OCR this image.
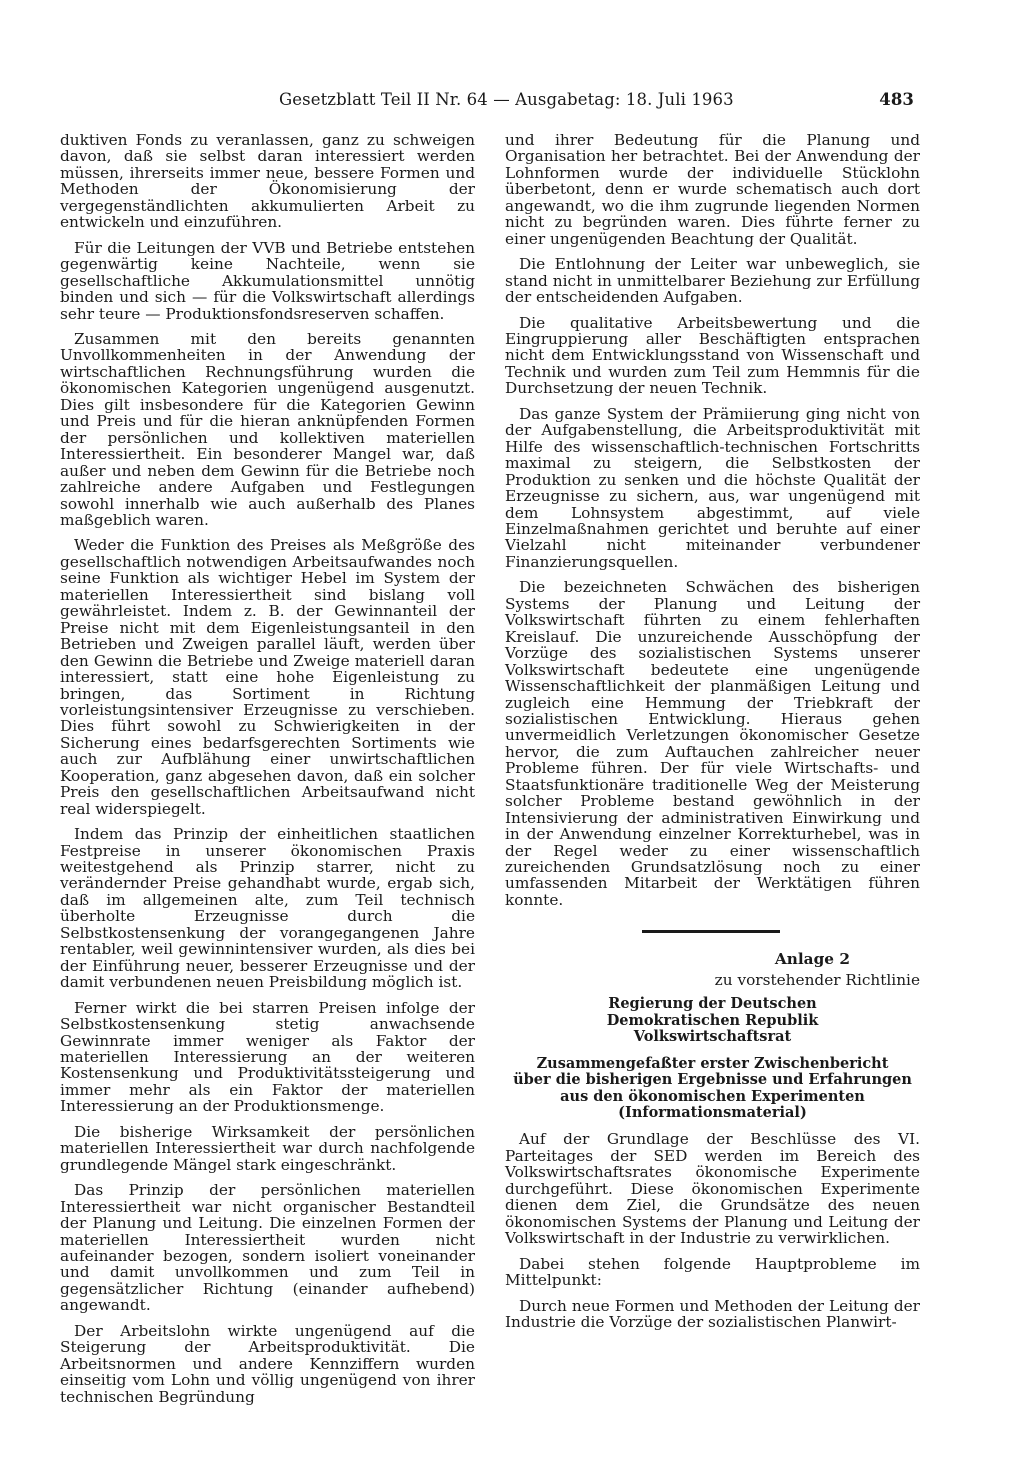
Gesetzblatt Teil II Nr. 64 — Ausgabetag: 18. Juli 1963	483

duktiven Fonds zu veranlassen, ganz zu schweigen davon, daß sie selbst daran interessiert werden müssen, ihrerseits immer neue, bessere Formen und Methoden der Ökonomisierung der vergegenständlichten akkumulierten Arbeit zu entwickeln und einzuführen.

Für die Leitungen der VVB und Betriebe entstehen gegenwärtig keine Nachteile, wenn sie gesellschaftliche Akkumulationsmittel unnötig binden und sich — für die Volkswirtschaft allerdings sehr teure — Produktionsfondsreserven schaffen.

Zusammen mit den bereits genannten Unvollkommenheiten in der Anwendung der wirtschaftlichen Rechnungsführung wurden die ökonomischen Kategorien ungenügend ausgenutzt. Dies gilt insbesondere für die Kategorien Gewinn und Preis und für die hieran anknüpfenden Formen der persönlichen und kollektiven materiellen Interessiertheit. Ein besonderer Mangel war, daß außer und neben dem Gewinn für die Betriebe noch zahlreiche andere Aufgaben und Festlegungen sowohl innerhalb wie auch außerhalb des Planes maßgeblich waren.

Weder die Funktion des Preises als Meßgröße des gesellschaftlich notwendigen Arbeitsaufwandes noch seine Funktion als wichtiger Hebel im System der materiellen Interessiertheit sind bislang voll gewährleistet. Indem z. B. der Gewinnanteil der Preise nicht mit dem Eigenleistungsanteil in den Betrieben und Zweigen parallel läuft, werden über den Gewinn die Betriebe und Zweige materiell daran interessiert, statt eine hohe Eigenleistung zu bringen, das Sortiment in Richtung vorleistungsintensiver Erzeugnisse zu verschieben. Dies führt sowohl zu Schwierigkeiten in der Sicherung eines bedarfsgerechten Sortiments wie auch zur Aufblähung einer unwirtschaftlichen Kooperation, ganz abgesehen davon, daß ein solcher Preis den gesellschaftlichen Arbeitsaufwand nicht real widerspiegelt.

Indem das Prinzip der einheitlichen staatlichen Festpreise in unserer ökonomischen Praxis weitestgehend als Prinzip starrer, nicht zu verändernder Preise gehandhabt wurde, ergab sich, daß im allgemeinen alte, zum Teil technisch überholte Erzeugnisse durch die Selbstkostensenkung der vorangegangenen Jahre rentabler, weil gewinnintensiver wurden, als dies bei der Einführung neuer, besserer Erzeugnisse und der damit verbundenen neuen Preisbildung möglich ist.

Ferner wirkt die bei starren Preisen infolge der Selbstkostensenkung stetig anwachsende Gewinnrate immer weniger als Faktor der materiellen Interessierung an der weiteren Kostensenkung und Produktivitätssteigerung und immer mehr als ein Faktor der materiellen Interessierung an der Produktionsmenge.

Die bisherige Wirksamkeit der persönlichen materiellen Interessiertheit war durch nachfolgende grundlegende Mängel stark eingeschränkt.

Das Prinzip der persönlichen materiellen Interessiertheit war nicht organischer Bestandteil der Planung und Leitung. Die einzelnen Formen der materiellen Interessiertheit wurden nicht aufeinander bezogen, sondern isoliert voneinander und damit unvollkommen und zum Teil in gegensätzlicher Richtung (einander aufhebend) angewandt.

Der Arbeitslohn wirkte ungenügend auf die Steigerung der Arbeitsproduktivität. Die Arbeitsnormen und andere Kennziffern wurden einseitig vom Lohn und völlig ungenügend von ihrer technischen Begründung

und ihrer Bedeutung für die Planung und Organisation her betrachtet. Bei der Anwendung der Lohnformen wurde der individuelle Stücklohn überbetont, denn er wurde schematisch auch dort angewandt, wo die ihm zugrunde liegenden Normen nicht zu begründen waren. Dies führte ferner zu einer ungenügenden Beachtung der Qualität.

Die Entlohnung der Leiter war unbeweglich, sie stand nicht in unmittelbarer Beziehung zur Erfüllung der entscheidenden Aufgaben.

Die qualitative Arbeitsbewertung und die Eingruppierung aller Beschäftigten entsprachen nicht dem Entwicklungsstand von Wissenschaft und Technik und wurden zum Teil zum Hemmnis für die Durchsetzung der neuen Technik.

Das ganze System der Prämiierung ging nicht von der Aufgabenstellung, die Arbeitsproduktivität mit Hilfe des wissenschaftlich-technischen Fortschritts maximal zu steigern, die Selbstkosten der Produktion zu senken und die höchste Qualität der Erzeugnisse zu sichern, aus, war ungenügend mit dem Lohnsystem abgestimmt, auf viele Einzelmaßnahmen gerichtet und beruhte auf einer Vielzahl nicht miteinander verbundener Finanzierungsquellen.

Die bezeichneten Schwächen des bisherigen Systems der Planung und Leitung der Volkswirtschaft führten zu einem fehlerhaften Kreislauf. Die unzureichende Ausschöpfung der Vorzüge des sozialistischen Systems unserer Volkswirtschaft bedeutete eine ungenügende Wissenschaftlichkeit der planmäßigen Leitung und zugleich eine Hemmung der Triebkraft der sozialistischen Entwicklung. Hieraus gehen unvermeidlich Verletzungen ökonomischer Gesetze hervor, die zum Auftauchen zahlreicher neuer Probleme führen. Der für viele Wirtschafts- und Staatsfunktionäre traditionelle Weg der Meisterung solcher Probleme bestand gewöhnlich in der Intensivierung der administrativen Einwirkung und in der Anwendung einzelner Korrekturhebel, was in der Regel weder zu einer wissenschaftlich zureichenden Grundsatzlösung noch zu einer umfassenden Mitarbeit der Werktätigen führen konnte.

Anlage 2
zu vorstehender Richtlinie
Regierung der Deutschen
Demokratischen Republik
Volkswirtschaftsrat
Zusammengefaßter erster Zwischenbericht
über die bisherigen Ergebnisse und Erfahrungen
aus den ökonomischen Experimenten
(Informationsmaterial)

Auf der Grundlage der Beschlüsse des VI. Parteitages der SED werden im Bereich des Volkswirtschaftsrates ökonomische Experimente durchgeführt. Diese ökonomischen Experimente dienen dem Ziel, die Grundsätze des neuen ökonomischen Systems der Planung und Leitung der Volkswirtschaft in der Industrie zu verwirklichen.

Dabei stehen folgende Hauptprobleme im Mittelpunkt:

Durch neue Formen und Methoden der Leitung der Industrie die Vorzüge der sozialistischen Planwirt-
